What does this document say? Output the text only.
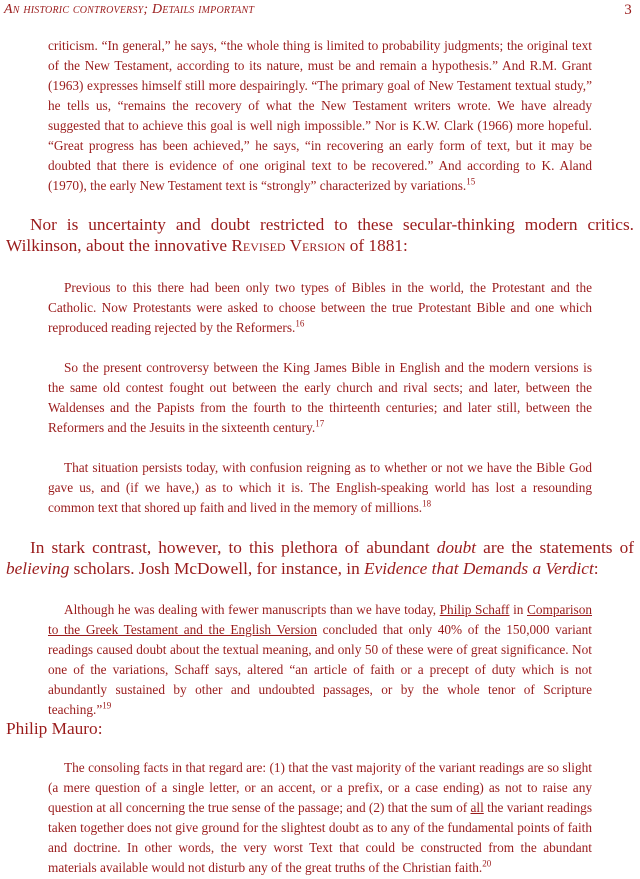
An historic controversy; Details important	3

criticism. “In general,” he says, “the whole thing is limited to probability judgments; the original text of the New Testament, according to its nature, must be and remain a hypothesis.” And R.M. Grant (1963) expresses himself still more despairingly. “The primary goal of New Testament textual study,” he tells us, “remains the recovery of what the New Testament writers wrote. We have already suggested that to achieve this goal is well nigh impossible.” Nor is K.W. Clark (1966) more hopeful. “Great progress has been achieved,” he says, “in recovering an early form of text, but it may be doubted that there is evidence of one original text to be recovered.” And according to K. Aland (1970), the early New Testament text is “strongly” characterized by variations.$^{15}$

Nor is uncertainty and doubt restricted to these secular-thinking modern critics. Wilkinson, about the innovative Revised Version of 1881:

Previous to this there had been only two types of Bibles in the world, the Protestant and the Catholic. Now Protestants were asked to choose between the true Protestant Bible and one which reproduced reading rejected by the Reformers.$^{16}$

So the present controversy between the King James Bible in English and the modern versions is the same old contest fought out between the early church and rival sects; and later, between the Waldenses and the Papists from the fourth to the thirteenth centuries; and later still, between the Reformers and the Jesuits in the sixteenth century.$^{17}$

That situation persists today, with confusion reigning as to whether or not we have the Bible God gave us, and (if we have,) as to which it is. The English-speaking world has lost a resounding common text that shored up faith and lived in the memory of millions.$^{18}$

In stark contrast, however, to this plethora of abundant doubt are the statements of believing scholars. Josh McDowell, for instance, in Evidence that Demands a Verdict:

Although he was dealing with fewer manuscripts than we have today, Philip Schaff in Comparison to the Greek Testament and the English Version concluded that only 40% of the 150,000 variant readings caused doubt about the textual meaning, and only 50 of these were of great significance. Not one of the variations, Schaff says, altered “an article of faith or a precept of duty which is not abundantly sustained by other and undoubted passages, or by the whole tenor of Scripture teaching.”$^{19}$

Philip Mauro:

The consoling facts in that regard are: (1) that the vast majority of the variant readings are so slight (a mere question of a single letter, or an accent, or a prefix, or a case ending) as not to raise any question at all concerning the true sense of the passage; and (2) that the sum of all the variant readings taken together does not give ground for the slightest doubt as to any of the fundamental points of faith and doctrine. In other words, the very worst Text that could be constructed from the abundant materials available would not disturb any of the great truths of the Christian faith.$^{20}$
